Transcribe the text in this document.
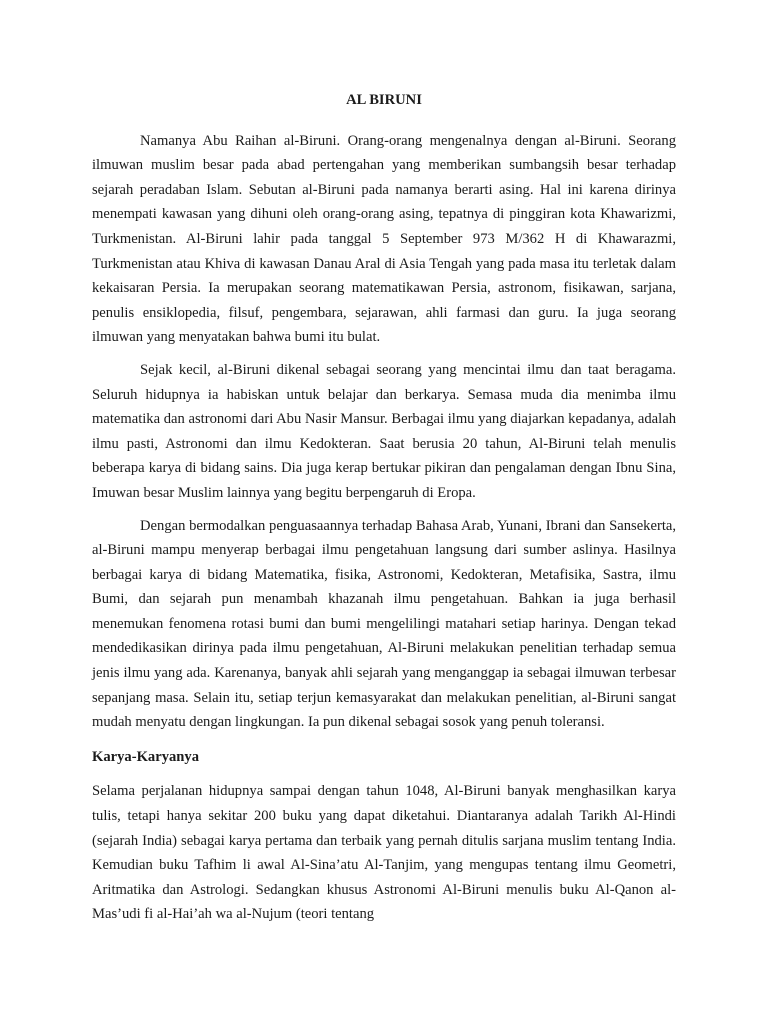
AL BIRUNI

Namanya Abu Raihan al-Biruni. Orang-orang mengenalnya dengan al-Biruni. Seorang ilmuwan muslim besar pada abad pertengahan yang memberikan sumbangsih besar terhadap sejarah peradaban Islam. Sebutan al-Biruni pada namanya berarti asing. Hal ini karena dirinya menempati kawasan yang dihuni oleh orang-orang asing, tepatnya di pinggiran kota Khawarizmi, Turkmenistan. Al-Biruni lahir pada tanggal 5 September 973 M/362 H di Khawarazmi, Turkmenistan atau Khiva di kawasan Danau Aral di Asia Tengah yang pada masa itu terletak dalam kekaisaran Persia. Ia merupakan seorang matematikawan Persia, astronom, fisikawan, sarjana, penulis ensiklopedia, filsuf, pengembara, sejarawan, ahli farmasi dan guru. Ia juga seorang ilmuwan yang menyatakan bahwa bumi itu bulat.

Sejak kecil, al-Biruni dikenal sebagai seorang yang mencintai ilmu dan taat beragama. Seluruh hidupnya ia habiskan untuk belajar dan berkarya. Semasa muda dia menimba ilmu matematika dan astronomi dari Abu Nasir Mansur. Berbagai ilmu yang diajarkan kepadanya, adalah ilmu pasti, Astronomi dan ilmu Kedokteran. Saat berusia 20 tahun, Al-Biruni telah menulis beberapa karya di bidang sains. Dia juga kerap bertukar pikiran dan pengalaman dengan Ibnu Sina, Imuwan besar Muslim lainnya yang begitu berpengaruh di Eropa.

Dengan bermodalkan penguasaannya terhadap Bahasa Arab, Yunani, Ibrani dan Sansekerta, al-Biruni mampu menyerap berbagai ilmu pengetahuan langsung dari sumber aslinya. Hasilnya berbagai karya di bidang Matematika, fisika, Astronomi, Kedokteran, Metafisika, Sastra, ilmu Bumi, dan sejarah pun menambah khazanah ilmu pengetahuan. Bahkan ia juga berhasil menemukan fenomena rotasi bumi dan bumi mengelilingi matahari setiap harinya. Dengan tekad mendedikasikan dirinya pada ilmu pengetahuan, Al-Biruni melakukan penelitian terhadap semua jenis ilmu yang ada. Karenanya, banyak ahli sejarah yang menganggap ia sebagai ilmuwan terbesar sepanjang masa. Selain itu, setiap terjun kemasyarakat dan melakukan penelitian, al-Biruni sangat mudah menyatu dengan lingkungan. Ia pun dikenal sebagai sosok yang penuh toleransi.

Karya-Karyanya

Selama perjalanan hidupnya sampai dengan tahun 1048, Al-Biruni banyak menghasilkan karya tulis, tetapi hanya sekitar 200 buku yang dapat diketahui. Diantaranya adalah Tarikh Al-Hindi (sejarah India) sebagai karya pertama dan terbaik yang pernah ditulis sarjana muslim tentang India. Kemudian buku Tafhim li awal Al-Sina’atu Al-Tanjim, yang mengupas tentang ilmu Geometri, Aritmatika dan Astrologi. Sedangkan khusus Astronomi Al-Biruni menulis buku Al-Qanon al-Mas’udi fi al-Hai’ah wa al-Nujum (teori tentang
